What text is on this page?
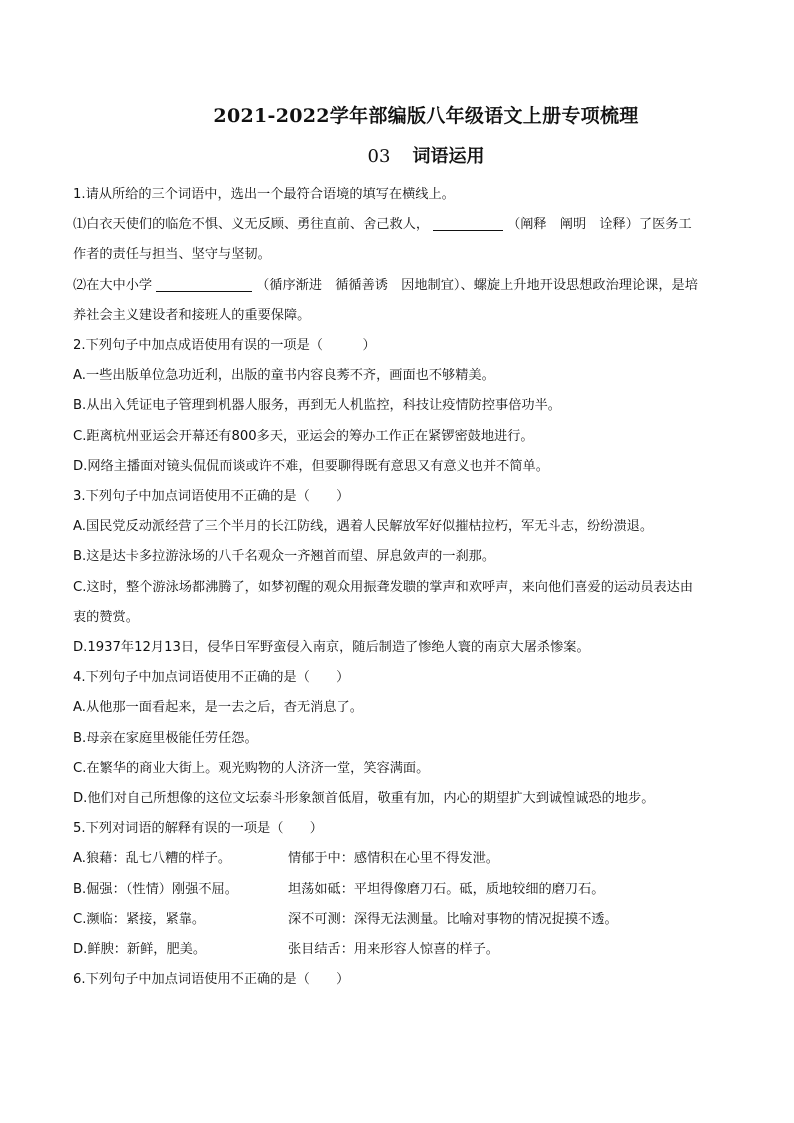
2021-2022学年部编版八年级语文上册专项梳理
03 词语运用
1.请从所给的三个词语中，选出一个最符合语境的填写在横线上。
⑴白衣天使们的临危不惧、义无反顾、勇往直前、舍己救人，	（阐释　阐明　诠释）了医务工
作者的责任与担当、坚守与坚韧。
⑵在大中小学	（循序渐进　循循善诱　因地制宜）、螺旋上升地开设思想政治理论课，是培
养社会主义建设者和接班人的重要保障。
2.下列句子中加点成语使用有误的一项是（　　　）
A.一些出版单位急功近利，出版的童书内容良莠不齐，画面也不够精美。
B.从出入凭证电子管理到机器人服务，再到无人机监控，科技让疫情防控事倍功半。
C.距离杭州亚运会开幕还有800多天，亚运会的筹办工作正在紧锣密鼓地进行。
D.网络主播面对镜头侃侃而谈或许不难，但要聊得既有意思又有意义也并不简单。
3.下列句子中加点词语使用不正确的是（　　）
A.国民党反动派经营了三个半月的长江防线，遇着人民解放军好似摧枯拉朽，军无斗志，纷纷溃退。
B.这是达卡多拉游泳场的八千名观众一齐翘首而望、屏息敛声的一刹那。
C.这时，整个游泳场都沸腾了，如梦初醒的观众用振聋发聩的掌声和欢呼声，来向他们喜爱的运动员表达由
衷的赞赏。
D.1937年12月13日，侵华日军野蛮侵入南京，随后制造了惨绝人寰的南京大屠杀惨案。
4.下列句子中加点词语使用不正确的是（　　）
A.从他那一面看起来，是一去之后，杳无消息了。
B.母亲在家庭里极能任劳任怨。
C.在繁华的商业大街上。观光购物的人济济一堂，笑容满面。
D.他们对自己所想像的这位文坛泰斗形象颔首低眉，敬重有加，内心的期望扩大到诚惶诚恐的地步。
5.下列对词语的解释有误的一项是（　　）
A.狼藉：乱七八糟的样子。	情郁于中：感情积在心里不得发泄。
B.倔强：（性情）刚强不屈。	坦荡如砥：平坦得像磨刀石。砥，质地较细的磨刀石。
C.濒临：紧接，紧靠。	深不可测：深得无法测量。比喻对事物的情况捉摸不透。
D.鲜腴：新鲜，肥美。	张目结舌：用来形容人惊喜的样子。
6.下列句子中加点词语使用不正确的是（　　）
